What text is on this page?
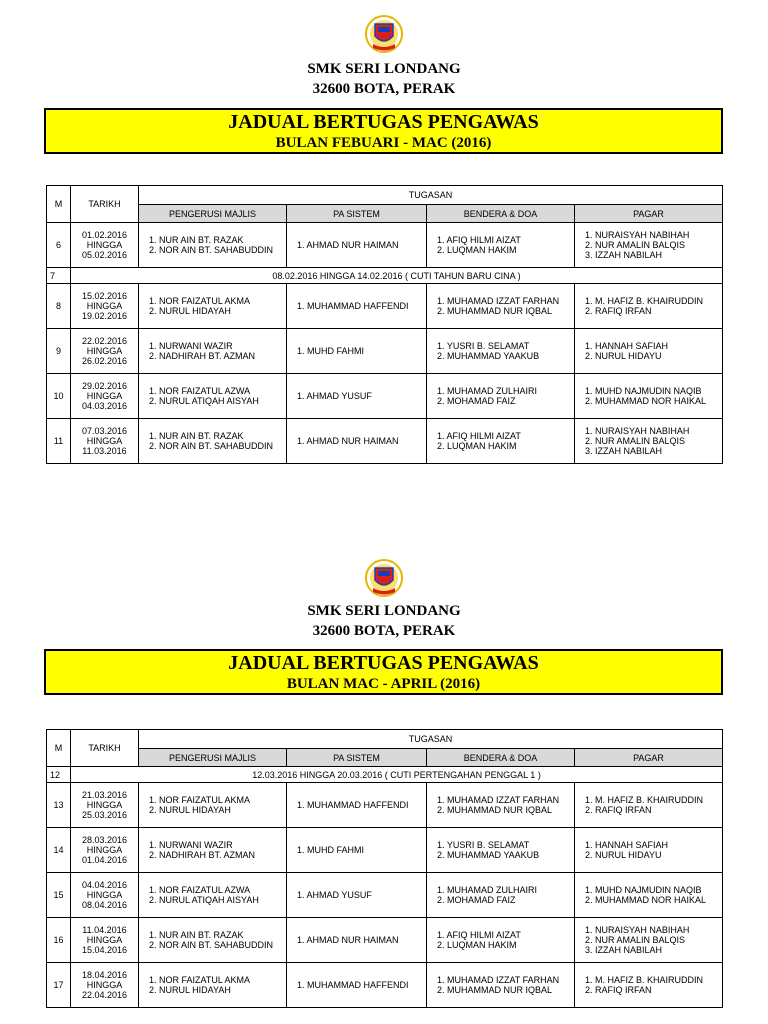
SMK SERI LONDANG
32600 BOTA, PERAK
JADUAL BERTUGAS PENGAWAS
BULAN FEBUARI - MAC (2016)
M	TARIKH	TUGASAN			
		PENGERUSI MAJLIS	PA SISTEM	BENDERA & DOA	PAGAR
6	01.02.2016
HINGGA
05.02.2016	1. NUR AIN BT. RAZAK
2. NOR AIN BT. SAHABUDDIN	1. AHMAD NUR HAIMAN	1. AFIQ HILMI AIZAT
2. LUQMAN HAKIM	1. NURAISYAH NABIHAH
2. NUR AMALIN BALQIS
3. IZZAH NABILAH

7	08.02.2016 HINGGA 14.02.2016 ( CUTI TAHUN BARU CINA )				
8	15.02.2016
HINGGA
19.02.2016	1. NOR FAIZATUL AKMA
2. NURUL HIDAYAH	1. MUHAMMAD HAFFENDI	1. MUHAMAD IZZAT FARHAN
2. MUHAMMAD NUR IQBAL	1. M. HAFIZ B. KHAIRUDDIN
2. RAFIQ IRFAN

9	22.02.2016
HINGGA
26.02.2016	1. NURWANI WAZIR
2. NADHIRAH BT. AZMAN	1. MUHD FAHMI	1. YUSRI B. SELAMAT
2. MUHAMMAD YAAKUB	1. HANNAH SAFIAH
2. NURUL HIDAYU

10	29.02.2016
HINGGA
04.03.2016	1. NOR FAIZATUL AZWA
2. NURUL ATIQAH AISYAH	1. AHMAD YUSUF	1. MUHAMAD ZULHAIRI
2. MOHAMAD FAIZ	1. MUHD NAJMUDIN NAQIB
2. MUHAMMAD NOR HAIKAL

11	07.03.2016
HINGGA
11.03.2016	1. NUR AIN BT. RAZAK
2. NOR AIN BT. SAHABUDDIN	1. AHMAD NUR HAIMAN	1. AFIQ HILMI AIZAT
2. LUQMAN HAKIM	1. NURAISYAH NABIHAH
2. NUR AMALIN BALQIS
3. IZZAH NABILAH
SMK SERI LONDANG
32600 BOTA, PERAK
JADUAL BERTUGAS PENGAWAS
BULAN MAC - APRIL (2016)
M	TARIKH	TUGASAN			
		PENGERUSI MAJLIS	PA SISTEM	BENDERA & DOA	PAGAR
12	12.03.2016 HINGGA 20.03.2016 ( CUTI PERTENGAHAN PENGGAL 1 )				
13	21.03.2016
HINGGA
25.03.2016	1. NOR FAIZATUL AKMA
2. NURUL HIDAYAH	1. MUHAMMAD HAFFENDI	1. MUHAMAD IZZAT FARHAN
2. MUHAMMAD NUR IQBAL	1. M. HAFIZ B. KHAIRUDDIN
2. RAFIQ IRFAN

14	28.03.2016
HINGGA
01.04.2016	1. NURWANI WAZIR
2. NADHIRAH BT. AZMAN	1. MUHD FAHMI	1. YUSRI B. SELAMAT
2. MUHAMMAD YAAKUB	1. HANNAH SAFIAH
2. NURUL HIDAYU

15	04.04.2016
HINGGA
08.04.2016	1. NOR FAIZATUL AZWA
2. NURUL ATIQAH AISYAH	1. AHMAD YUSUF	1. MUHAMAD ZULHAIRI
2. MOHAMAD FAIZ	1. MUHD NAJMUDIN NAQIB
2. MUHAMMAD NOR HAIKAL

16	11.04.2016
HINGGA
15.04.2016	1. NUR AIN BT. RAZAK
2. NOR AIN BT. SAHABUDDIN	1. AHMAD NUR HAIMAN	1. AFIQ HILMI AIZAT
2. LUQMAN HAKIM	1. NURAISYAH NABIHAH
2. NUR AMALIN BALQIS
3. IZZAH NABILAH

17	18.04.2016
HINGGA
22.04.2016	1. NOR FAIZATUL AKMA
2. NURUL HIDAYAH	1. MUHAMMAD HAFFENDI	1. MUHAMAD IZZAT FARHAN
2. MUHAMMAD NUR IQBAL	1. M. HAFIZ B. KHAIRUDDIN
2. RAFIQ IRFAN
